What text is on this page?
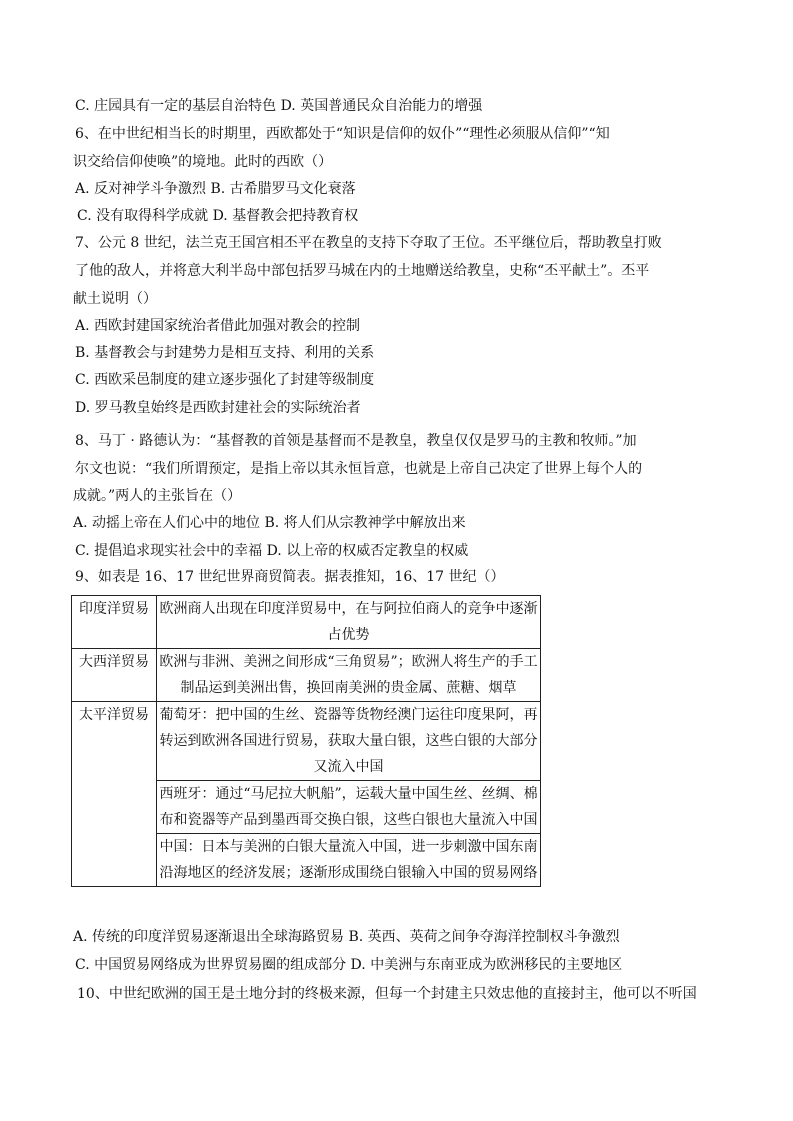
C. 庄园具有一定的基层自治特色 D. 英国普通民众自治能力的增强
6、在中世纪相当长的时期里，西欧都处于“知识是信仰的奴仆”“理性必须服从信仰”“知
识交给信仰使唤”的境地。此时的西欧（）
A. 反对神学斗争激烈 B. 古希腊罗马文化衰落
C. 没有取得科学成就 D. 基督教会把持教育权
7、公元 8 世纪，法兰克王国宫相丕平在教皇的支持下夺取了王位。丕平继位后，帮助教皇打败
了他的敌人，并将意大利半岛中部包括罗马城在内的土地赠送给教皇，史称“丕平献土”。丕平
献土说明（）
A. 西欧封建国家统治者借此加强对教会的控制
B. 基督教会与封建势力是相互支持、利用的关系
C. 西欧采邑制度的建立逐步强化了封建等级制度
D. 罗马教皇始终是西欧封建社会的实际统治者
8、马丁 · 路德认为：“基督教的首领是基督而不是教皇，教皇仅仅是罗马的主教和牧师。”加
尔文也说：“我们所谓预定，是指上帝以其永恒旨意，也就是上帝自己决定了世界上每个人的
成就。”两人的主张旨在（）
A. 动摇上帝在人们心中的地位 B. 将人们从宗教神学中解放出来
C. 提倡追求现实社会中的幸福 D. 以上帝的权威否定教皇的权威
9、如表是 16、17 世纪世界商贸简表。据表推知，16、17 世纪（）
印度洋贸易	欧洲商人出现在印度洋贸易中，在与阿拉伯商人的竞争中逐渐占优势
大西洋贸易	欧洲与非洲、美洲之间形成“三角贸易”；欧洲人将生产的手工制品运到美洲出售，换回南美洲的贵金属、蔗糖、烟草
太平洋贸易	葡萄牙：把中国的生丝、瓷器等货物经澳门运往印度果阿，再转运到欧洲各国进行贸易，获取大量白银，这些白银的大部分又流入中国
	西班牙：通过“马尼拉大帆船”，运载大量中国生丝、丝绸、棉布和瓷器等产品到墨西哥交换白银，这些白银也大量流入中国
	中国：日本与美洲的白银大量流入中国，进一步刺激中国东南沿海地区的经济发展；逐渐形成围绕白银输入中国的贸易网络
A. 传统的印度洋贸易逐渐退出全球海路贸易 B. 英西、英荷之间争夺海洋控制权斗争激烈
C. 中国贸易网络成为世界贸易圈的组成部分 D. 中美洲与东南亚成为欧洲移民的主要地区
10、中世纪欧洲的国王是土地分封的终极来源，但每一个封建主只效忠他的直接封主，他可以不听国
